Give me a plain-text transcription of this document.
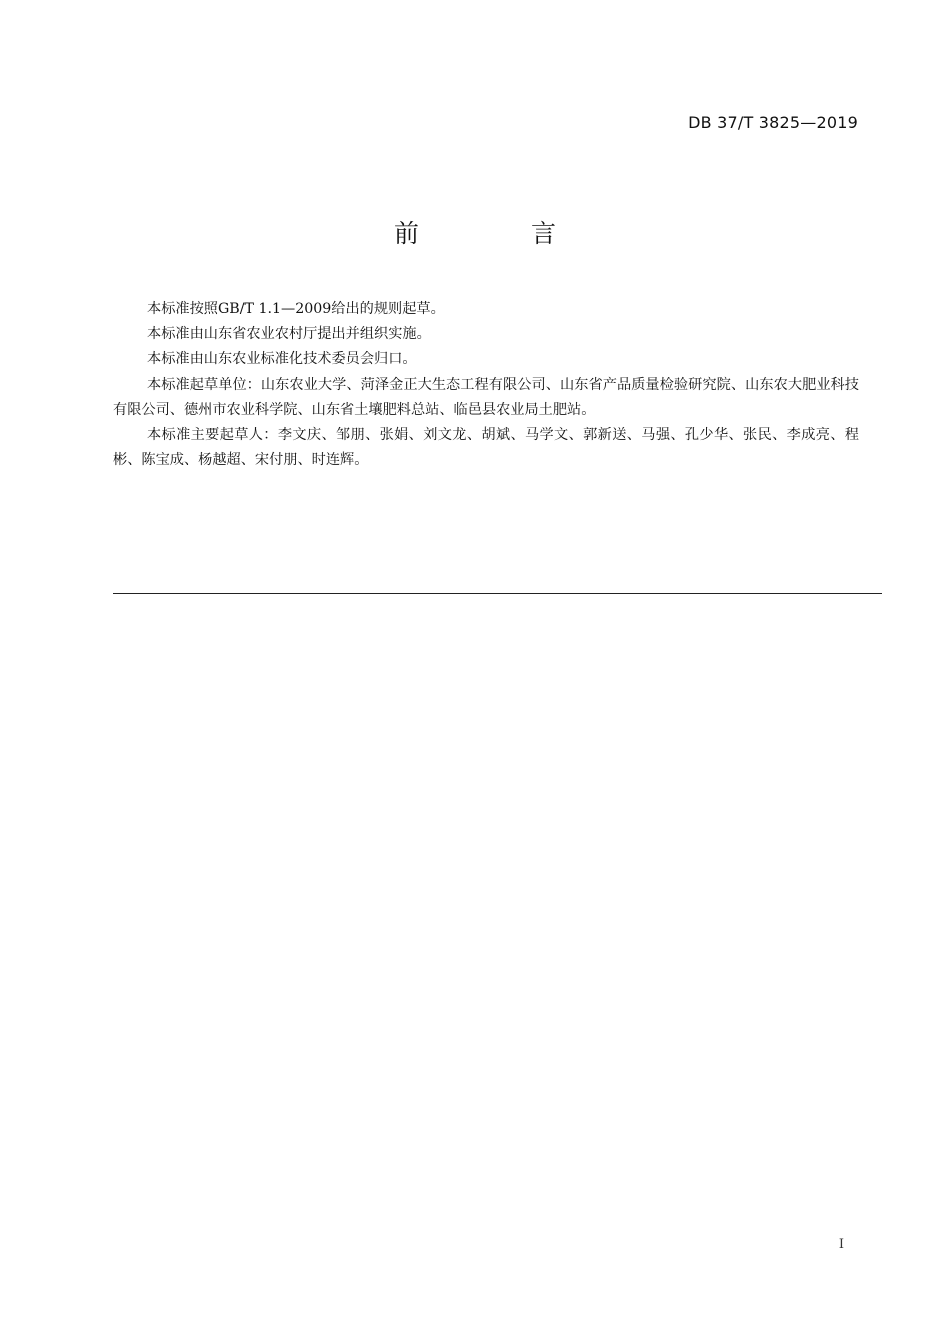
DB 37/T 3825—2019
前 言

本标准按照GB/T 1.1—2009给出的规则起草。

本标准由山东省农业农村厅提出并组织实施。

本标准由山东农业标准化技术委员会归口。

本标准起草单位：山东农业大学、菏泽金正大生态工程有限公司、山东省产品质量检验研究院、山东农大肥业科技有限公司、德州市农业科学院、山东省土壤肥料总站、临邑县农业局土肥站。

本标准主要起草人：李文庆、邹朋、张娟、刘文龙、胡斌、马学文、郭新送、马强、孔少华、张民、李成亮、程彬、陈宝成、杨越超、宋付朋、时连辉。

I
